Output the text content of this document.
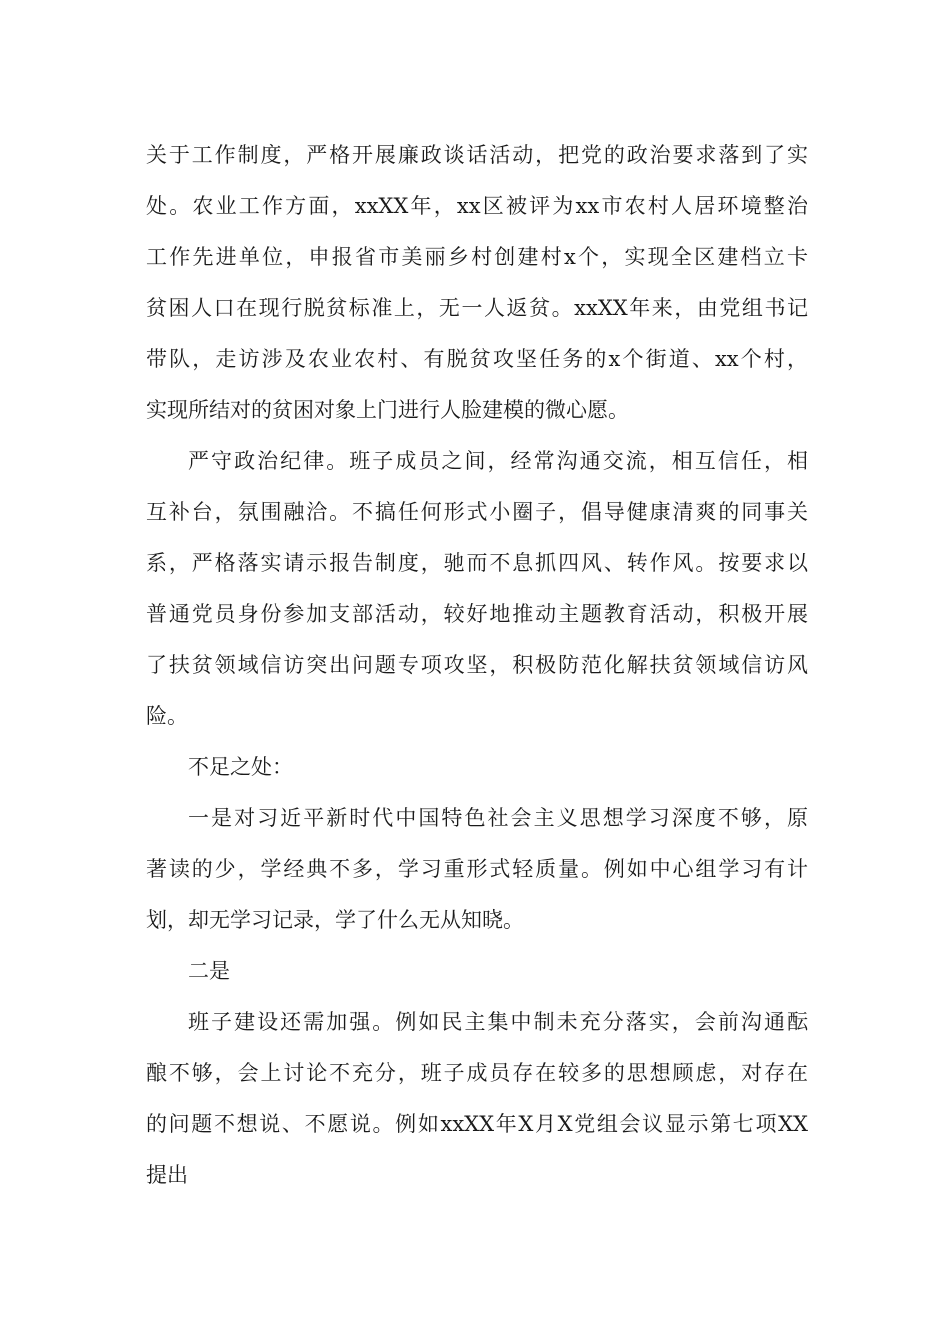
关于工作制度，严格开展廉政谈话活动，把党的政治要求落到了实
处。农业工作方面，xxXX年，xx区被评为xx市农村人居环境整治
工作先进单位，申报省市美丽乡村创建村x个，实现全区建档立卡
贫困人口在现行脱贫标准上，无一人返贫。xxXX年来，由党组书记
带队，走访涉及农业农村、有脱贫攻坚任务的x个街道、xx个村，
实现所结对的贫困对象上门进行人脸建模的微心愿。
严守政治纪律。班子成员之间，经常沟通交流，相互信任，相
互补台，氛围融洽。不搞任何形式小圈子，倡导健康清爽的同事关
系，严格落实请示报告制度，驰而不息抓四风、转作风。按要求以
普通党员身份参加支部活动，较好地推动主题教育活动，积极开展
了扶贫领域信访突出问题专项攻坚，积极防范化解扶贫领域信访风
险。
不足之处：
一是对习近平新时代中国特色社会主义思想学习深度不够，原
著读的少，学经典不多，学习重形式轻质量。例如中心组学习有计
划，却无学习记录，学了什么无从知晓。
二是
班子建设还需加强。例如民主集中制未充分落实，会前沟通酝
酿不够，会上讨论不充分，班子成员存在较多的思想顾虑，对存在
的问题不想说、不愿说。例如xxXX年X月X党组会议显示第七项XX
提出
